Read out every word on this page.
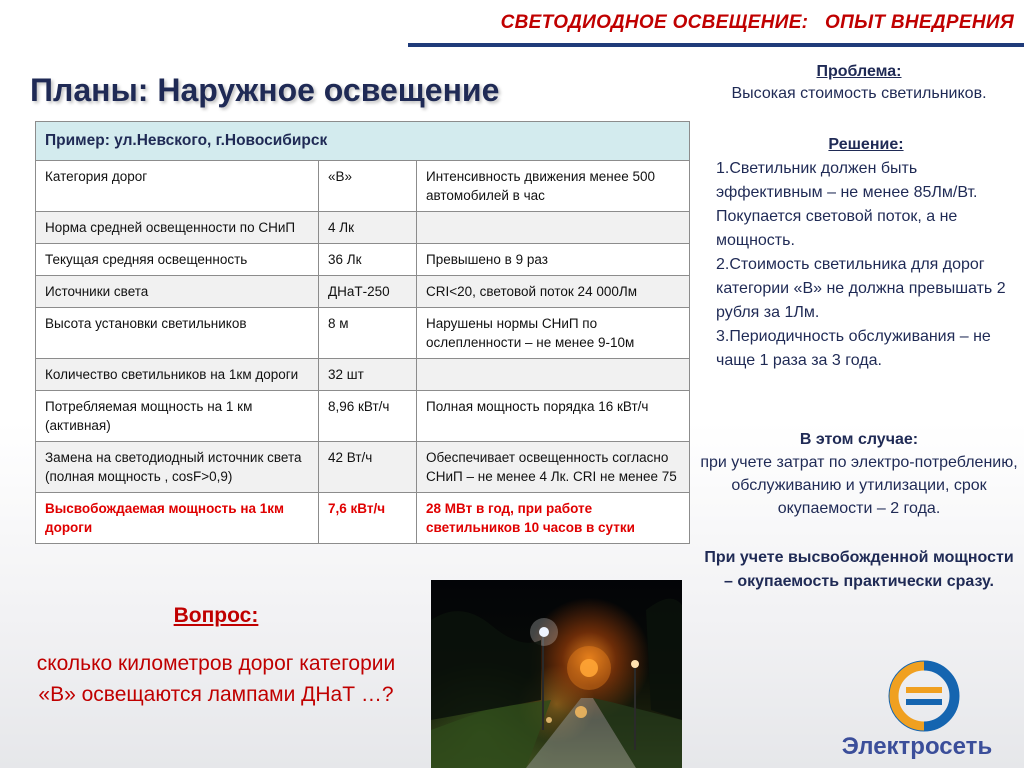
СВЕТОДИОДНОЕ ОСВЕЩЕНИЕ:   ОПЫТ ВНЕДРЕНИЯ
Планы: Наружное освещение
Пример: ул.Невского, г.Новосибирск		
Категория дорог	«В»	Интенсивность движения менее 500 автомобилей в час
Норма средней освещенности по СНиП	4 Лк	
Текущая средняя освещенность	36 Лк	Превышено в 9 раз
Источники света	ДНаТ-250	CRI<20, световой поток 24 000Лм
Высота установки светильников	8 м	Нарушены нормы СНиП по ослепленности – не менее 9-10м
Количество светильников на 1км дороги	32 шт	
Потребляемая мощность на 1 км (активная)	8,96 кВт/ч	Полная мощность порядка 16 кВт/ч
Замена на светодиодный источник света (полная мощность , cosF>0,9)	42 Вт/ч	Обеспечивает освещенность согласно СНиП – не менее 4 Лк. CRI не менее 75
Высвобождаемая мощность на 1км дороги	7,6 кВт/ч	28 МВт в год, при работе светильников 10 часов в сутки
Вопрос:
сколько километров дорог категории «В» освещаются лампами ДНаТ …?
Проблема:
Высокая стоимость светильников.
Решение:
1.Светильник должен быть эффективным – не менее 85Лм/Вт. Покупается световой поток, а не мощность.
2.Стоимость светильника для дорог категории «В» не должна превышать 2 рубля за 1Лм.
3.Периодичность обслуживания – не чаще 1 раза за 3 года.
В этом случае:
при учете затрат по электро-потреблению, обслуживанию и утилизации, срок окупаемости – 2 года.
При учете высвобожденной мощности – окупаемость практически сразу.
Электросеть
